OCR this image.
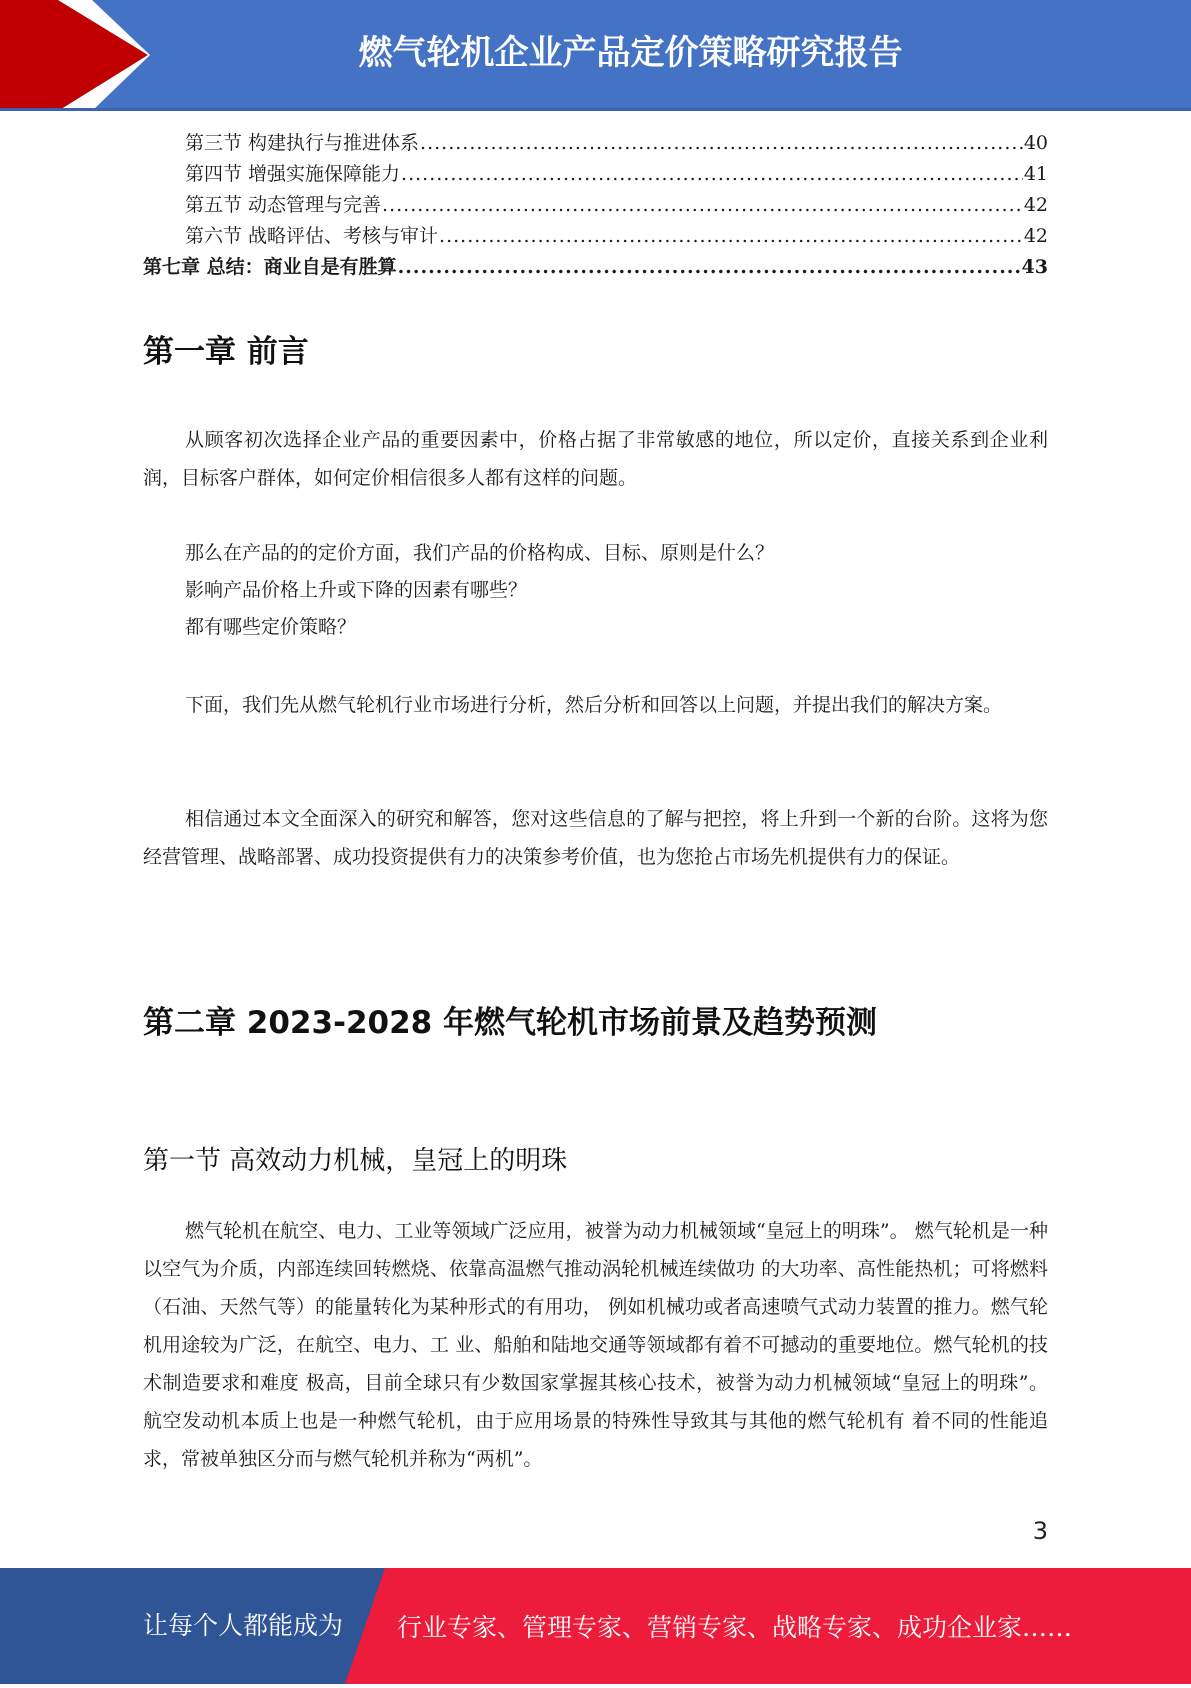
燃气轮机企业产品定价策略研究报告
第三节 构建执行与推进体系 .....	40
第四节 增强实施保障能力 .....	41
第五节 动态管理与完善 .....	42
第六节 战略评估、考核与审计 .....	42
第七章 总结：商业自是有胜算 .....	43
第一章 前言

从顾客初次选择企业产品的重要因素中，价格占据了非常敏感的地位，所以定价，直接关系到企业利润，目标客户群体，如何定价相信很多人都有这样的问题。

那么在产品的的定价方面，我们产品的价格构成、目标、原则是什么？
影响产品价格上升或下降的因素有哪些？
都有哪些定价策略？

下面，我们先从燃气轮机行业市场进行分析，然后分析和回答以上问题，并提出我们的解决方案。

相信通过本文全面深入的研究和解答，您对这些信息的了解与把控，将上升到一个新的台阶。这将为您经营管理、战略部署、成功投资提供有力的决策参考价值，也为您抢占市场先机提供有力的保证。

第二章 2023-2028 年燃气轮机市场前景及趋势预测
第一节 高效动力机械，皇冠上的明珠

燃气轮机在航空、电力、工业等领域广泛应用，被誉为动力机械领域“皇冠上的明珠”。 燃气轮机是一种以空气为介质，内部连续回转燃烧、依靠高温燃气推动涡轮机械连续做功 的大功率、高性能热机；可将燃料（石油、天然气等）的能量转化为某种形式的有用功， 例如机械功或者高速喷气式动力装置的推力。燃气轮机用途较为广泛，在航空、电力、工 业、船舶和陆地交通等领域都有着不可撼动的重要地位。燃气轮机的技术制造要求和难度 极高，目前全球只有少数国家掌握其核心技术，被誉为动力机械领域“皇冠上的明珠”。 航空发动机本质上也是一种燃气轮机，由于应用场景的特殊性导致其与其他的燃气轮机有 着不同的性能追求，常被单独区分而与燃气轮机并称为“两机”。

3
让每个人都能成为 行业专家、管理专家、营销专家、战略专家、成功企业家……
